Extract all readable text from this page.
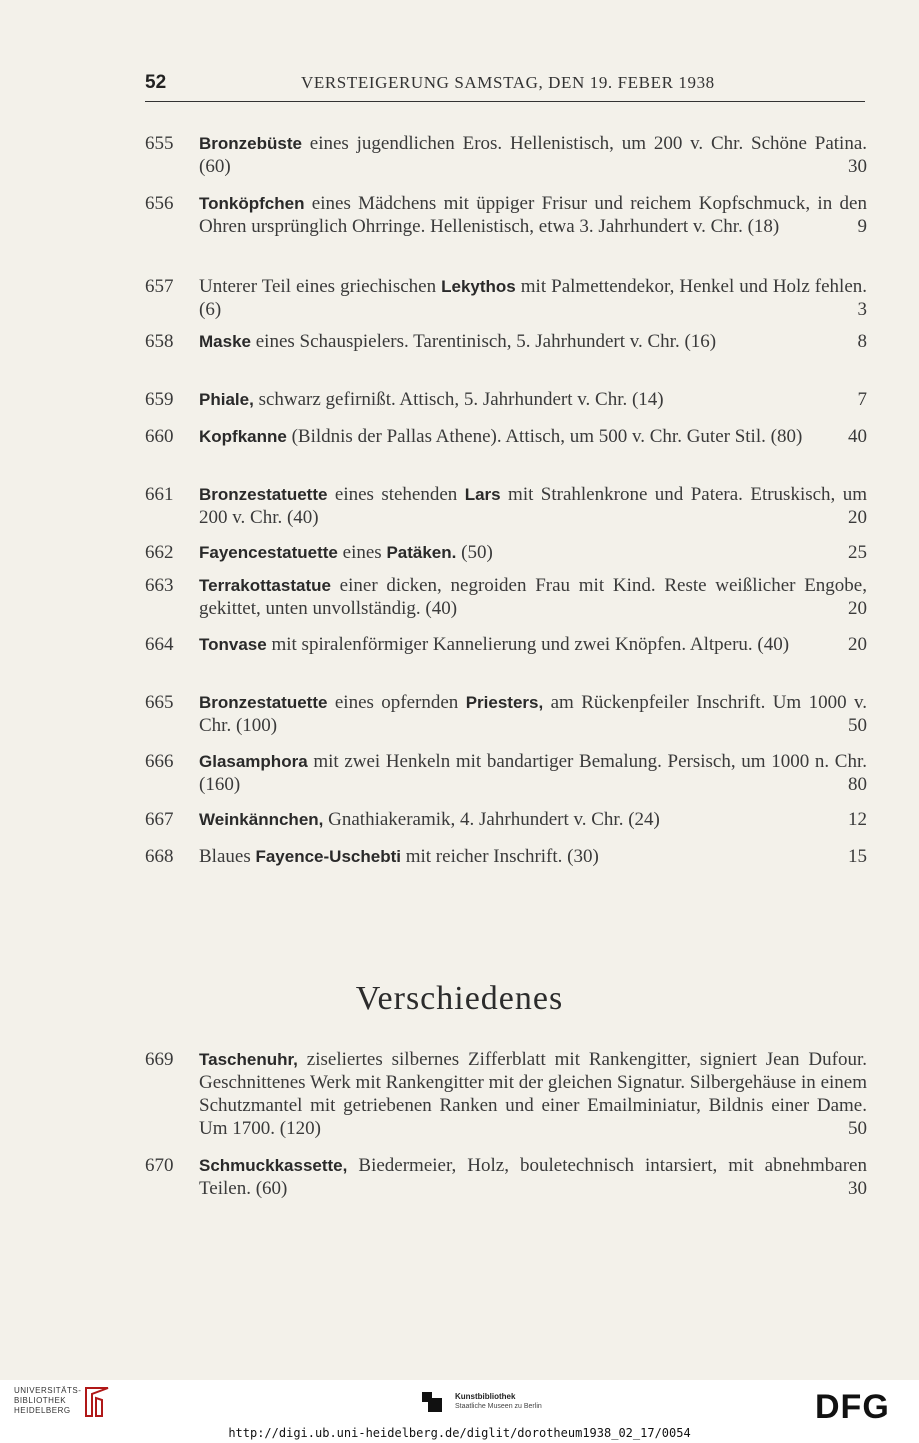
52	VERSTEIGERUNG SAMSTAG, DEN 19. FEBER 1938
655	Bronzebüste eines jugendlichen Eros. Hellenistisch, um 200 v. Chr. Schöne Patina. (60)	30
656	Tonköpfchen eines Mädchens mit üppiger Frisur und reichem Kopfschmuck, in den Ohren ursprünglich Ohrringe. Hellenistisch, etwa 3. Jahrhundert v. Chr. (18)	9
657	Unterer Teil eines griechischen Lekythos mit Palmettendekor, Henkel und Holz fehlen. (6)	3
658	Maske eines Schauspielers. Tarentinisch, 5. Jahrhundert v. Chr. (16)	8
659	Phiale, schwarz gefirnißt. Attisch, 5. Jahrhundert v. Chr. (14)	7
660	Kopfkanne (Bildnis der Pallas Athene). Attisch, um 500 v. Chr. Guter Stil. (80) 40
661	Bronzestatuette eines stehenden Lars mit Strahlenkrone und Patera. Etruskisch, um 200 v. Chr. (40)	20
662	Fayencestatuette eines Patäken. (50)	25
663	Terrakottastatue einer dicken, negroiden Frau mit Kind. Reste weißlicher Engobe, gekittet, unten unvollständig. (40)	20
664	Tonvase mit spiralenförmiger Kannelierung und zwei Knöpfen. Altperu. (40)	20
665	Bronzestatuette eines opfernden Priesters, am Rückenpfeiler Inschrift. Um 1000 v. Chr. (100)	50
666	Glasamphora mit zwei Henkeln mit bandartiger Bemalung. Persisch, um 1000 n. Chr. (160)	80
667	Weinkännchen, Gnathiakeramik, 4. Jahrhundert v. Chr. (24)	12
668	Blaues Fayence-Uschebti mit reicher Inschrift. (30)	15
Verschiedenes
669	Taschenuhr, ziseliertes silbernes Zifferblatt mit Rankengitter, signiert Jean Dufour. Geschnittenes Werk mit Rankengitter mit der gleichen Signatur. Silbergehäuse in einem Schutzmantel mit getriebenen Ranken und einer Emailminiatur, Bildnis einer Dame. Um 1700. (120)	50
670	Schmuckkassette, Biedermeier, Holz, bouletechnisch intarsiert, mit abnehmbaren Teilen. (60)	30
UNIVERSITÄTS-
BIBLIOTHEK
HEIDELBERG
Kunstbibliothek
Staatliche Museen zu Berlin	DFG
http://digi.ub.uni-heidelberg.de/diglit/dorotheum1938_02_17/0054
